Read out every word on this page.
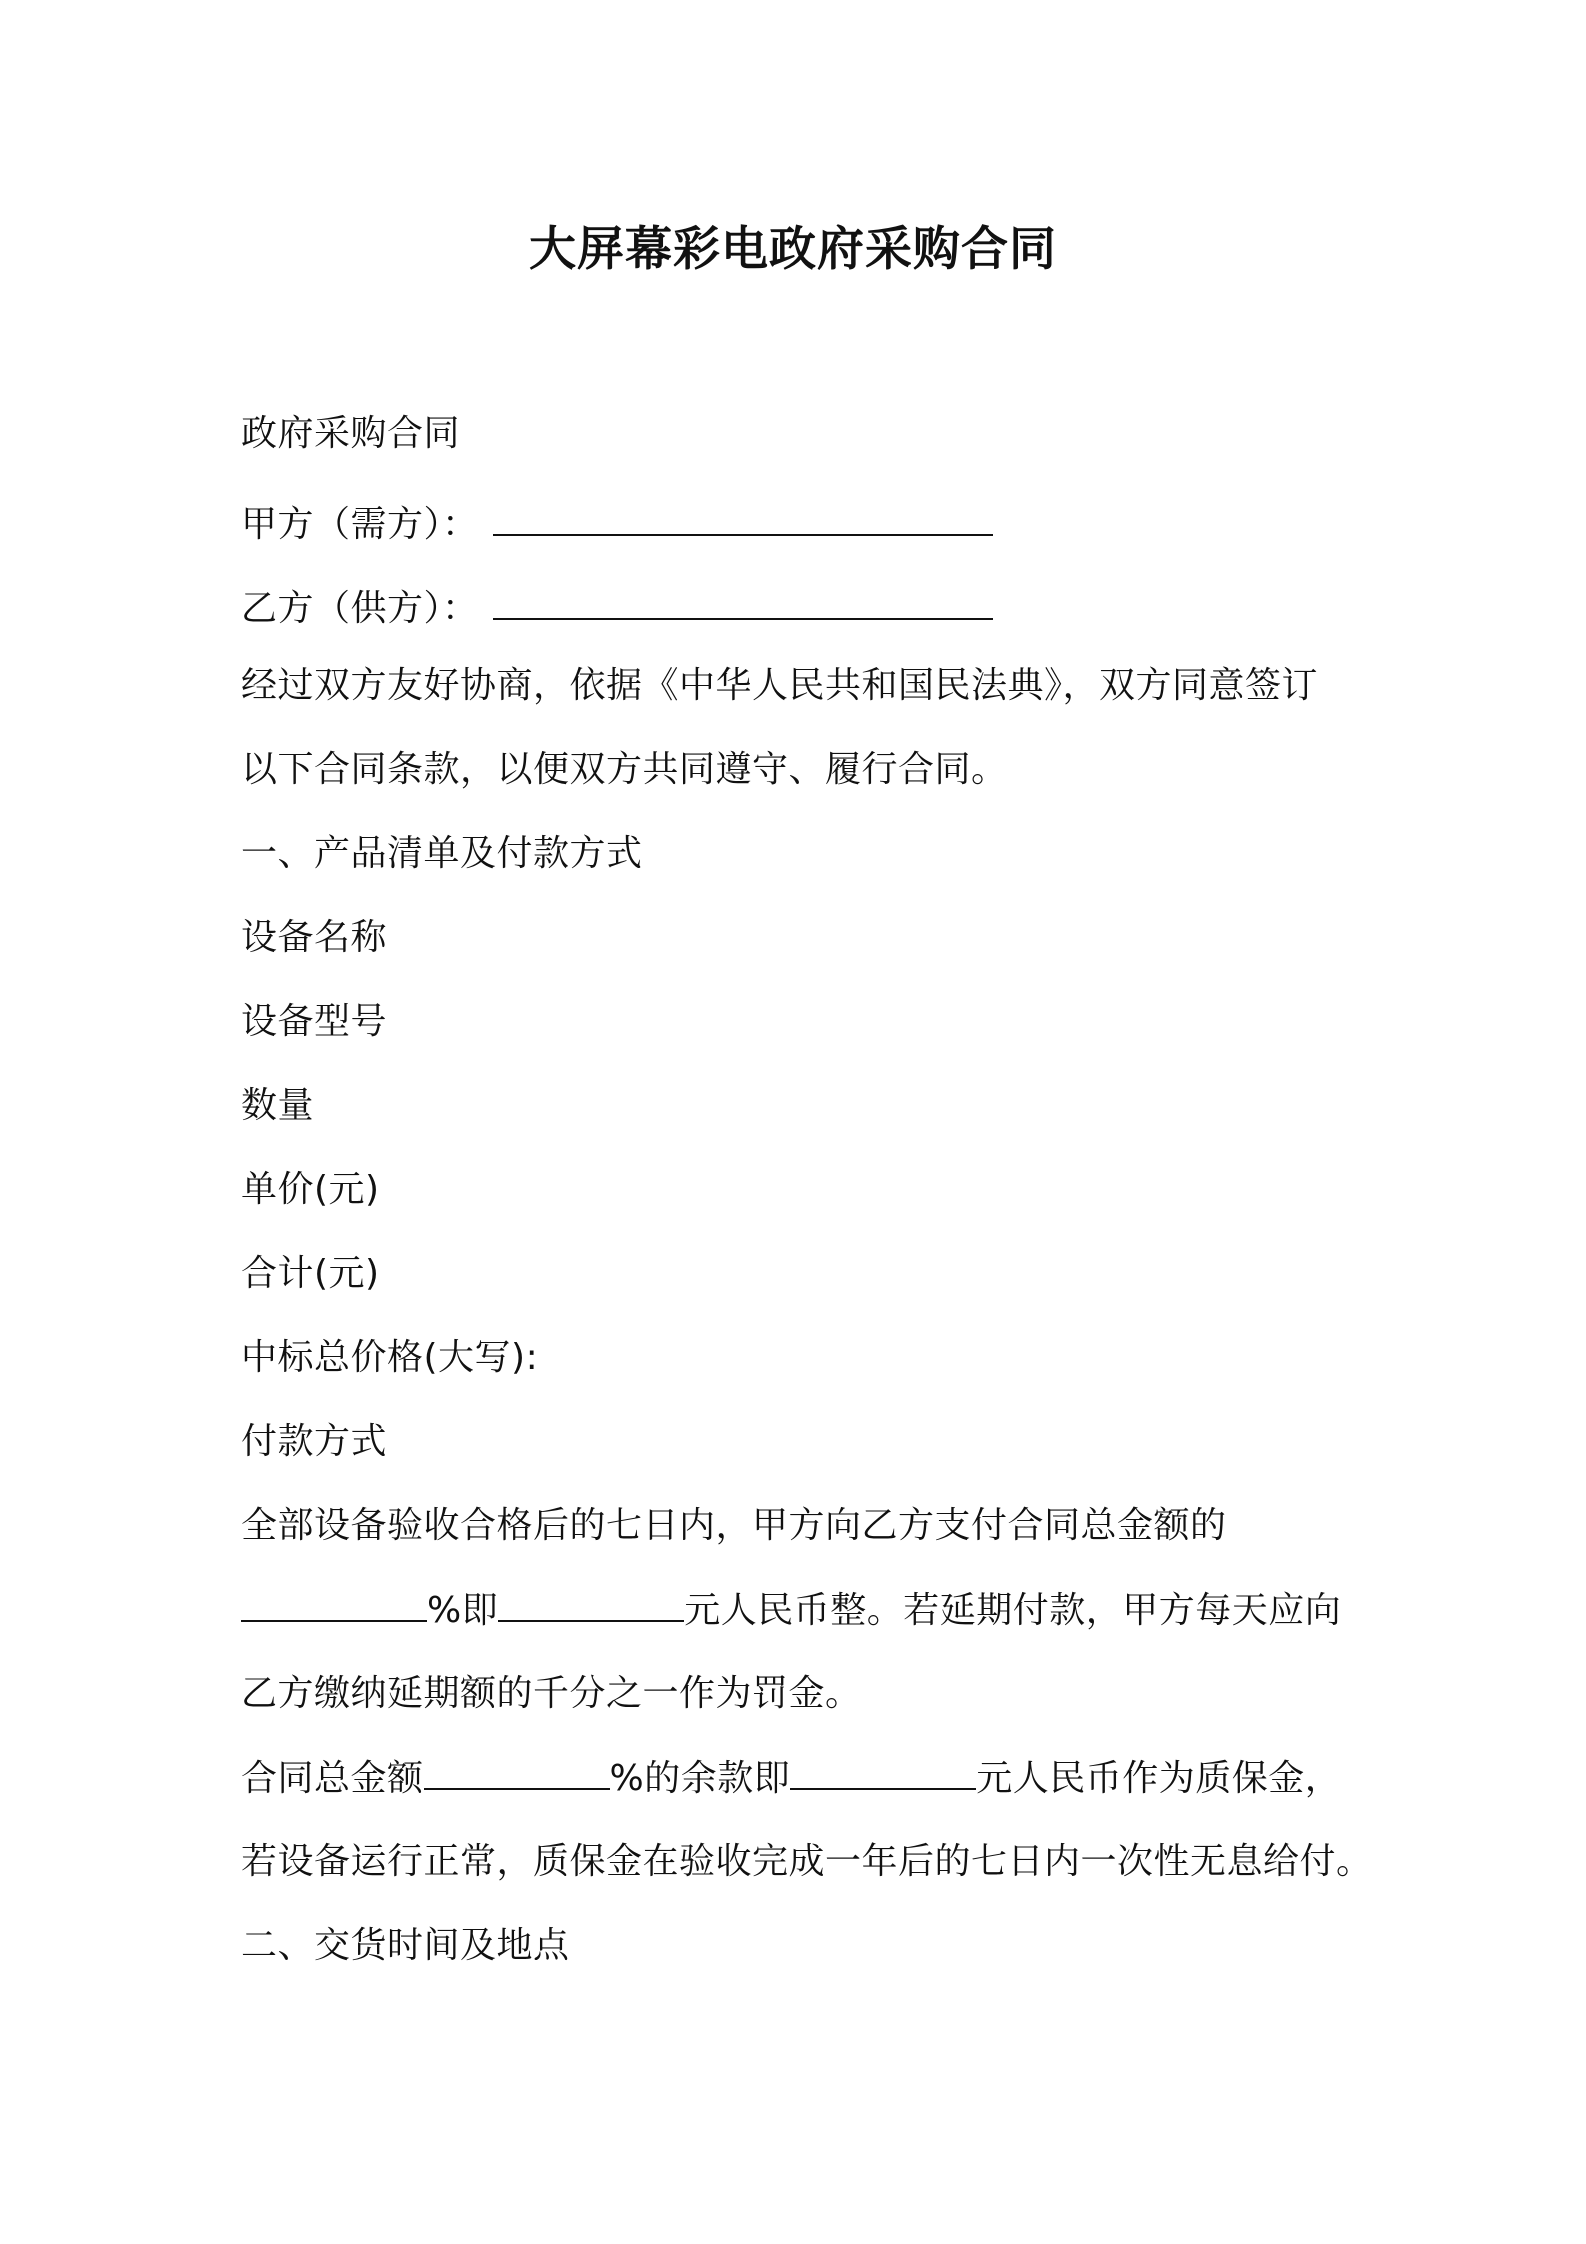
大屏幕彩电政府采购合同
政府采购合同
甲方（需方）：
乙方（供方）：
经过双方友好协商，依据《中华人民共和国民法典》，双方同意签订
以下合同条款，以便双方共同遵守、履行合同。
一、产品清单及付款方式
设备名称
设备型号
数量
单价(元)
合计(元)
中标总价格(大写):
付款方式
全部设备验收合格后的七日内，甲方向乙方支付合同总金额的
%即	元人民币整。若延期付款，甲方每天应向
乙方缴纳延期额的千分之一作为罚金。
合同总金额	%的余款即	元人民币作为质保金，
若设备运行正常，质保金在验收完成一年后的七日内一次性无息给付。
二、交货时间及地点
